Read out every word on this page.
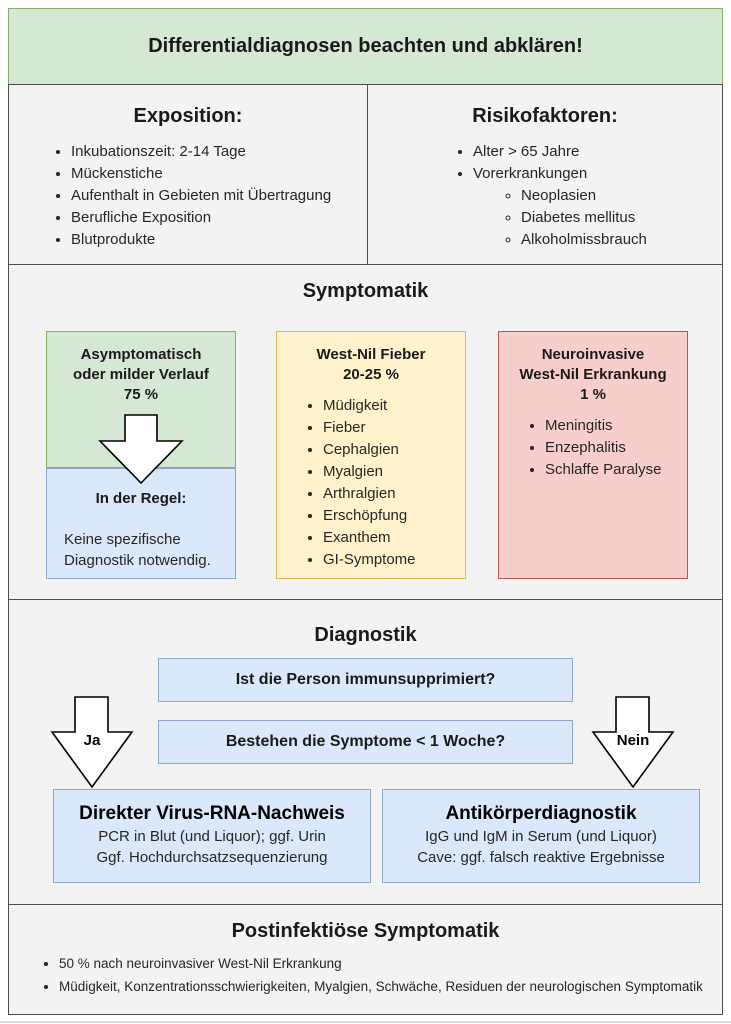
Differentialdiagnosen beachten und abklären!
Exposition:
• Inkubationszeit: 2-14 Tage
• Mückenstiche
• Aufenthalt in Gebieten mit Übertragung
• Berufliche Exposition
• Blutprodukte
Risikofaktoren:
• Alter > 65 Jahre
• Vorerkrankungen
◦ Neoplasien
◦ Diabetes mellitus
◦ Alkoholmissbrauch
Symptomatik
Asymptomatisch
oder milder Verlauf
75 %
In der Regel:
Keine spezifische Diagnostik notwendig.
West-Nil Fieber
20-25 %
• Müdigkeit
• Fieber
• Cephalgien
• Myalgien
• Arthralgien
• Erschöpfung
• Exanthem
• GI-Symptome
Neuroinvasive
West-Nil Erkrankung
1 %
• Meningitis
• Enzephalitis
• Schlaffe Paralyse
Diagnostik
Ist die Person immunsupprimiert?
Bestehen die Symptome < 1 Woche?
Ja	Nein
Direkter Virus-RNA-Nachweis
PCR in Blut (und Liquor); ggf. Urin
Ggf. Hochdurchsatzsequenzierung
Antikörperdiagnostik
IgG und IgM in Serum (und Liquor)
Cave: ggf. falsch reaktive Ergebnisse
Postinfektiöse Symptomatik
• 50 % nach neuroinvasiver West-Nil Erkrankung
• Müdigkeit, Konzentrationsschwierigkeiten, Myalgien, Schwäche, Residuen der neurologischen Symptomatik
